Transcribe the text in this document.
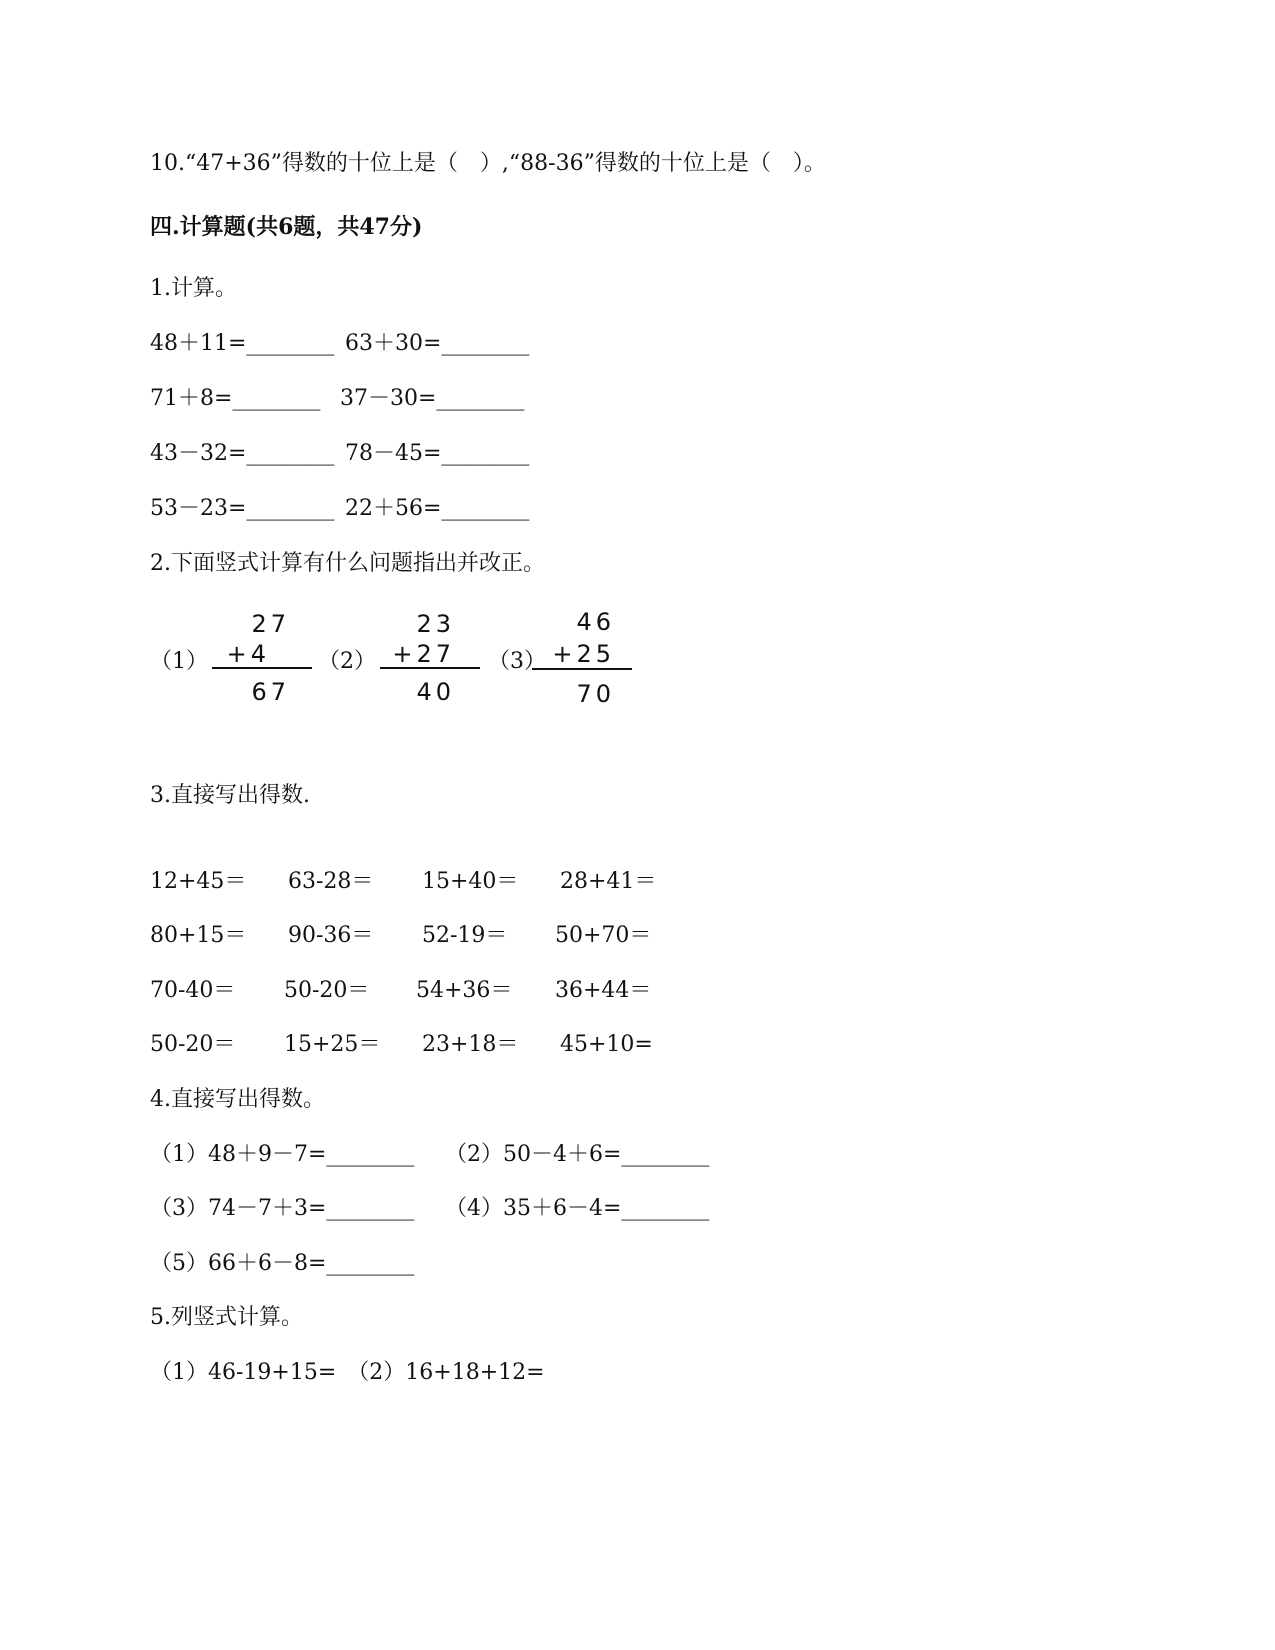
10.“47+36”得数的十位上是（　）,“88-36”得数的十位上是（　）。
四.计算题(共6题，共47分)
1.计算。
48＋11=________ 63＋30=________
71＋8=________ 37－30=________
43－32=________ 78－45=________
53－23=________ 22＋56=________
2.下面竖式计算有什么问题指出并改正。
（1）
27
+4
67
（2）
23
+27
40
（3）
46
+25
70
3.直接写出得数.
12+45＝ 63-28＝ 15+40＝ 28+41＝
80+15＝ 90-36＝ 52-19＝ 50+70＝
70-40＝ 50-20＝ 54+36＝ 36+44＝
50-20＝ 15+25＝ 23+18＝ 45+10=
4.直接写出得数。
（1）48＋9－7=________ （2）50－4＋6=________
（3）74－7＋3=________ （4）35＋6－4=________
（5）66＋6－8=________
5.列竖式计算。
（1）46-19+15=　（2）16+18+12=
